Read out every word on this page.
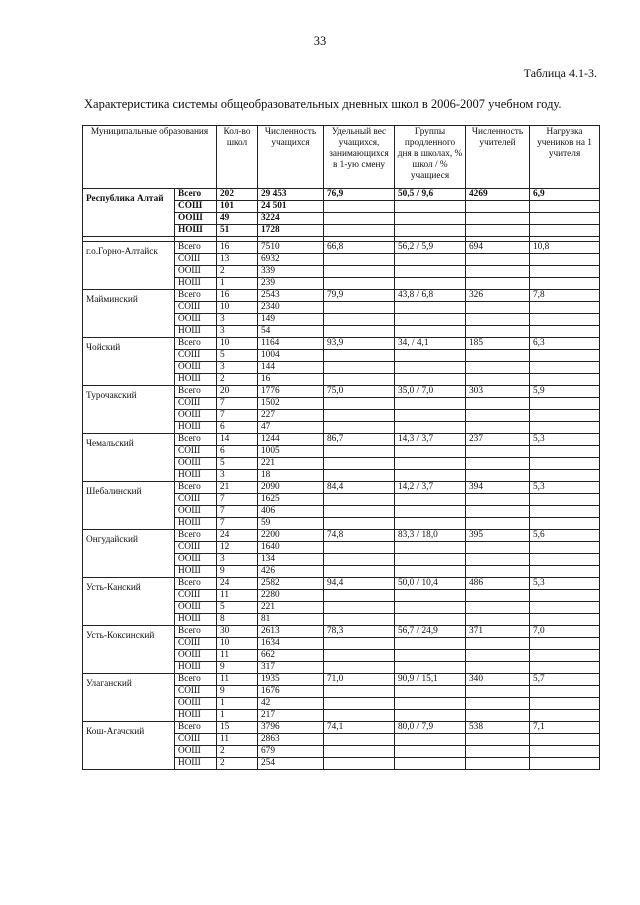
33
Таблица 4.1-3.
Характеристика системы общеобразовательных дневных школ в 2006-2007 учебном году.
Муниципальные образования		Кол-во школ	Численность учащихся	Удельный вес учащихся, занимающихся в 1-ую смену	Группы продленного дня в школах, % школ / % учащиеся	Численность учителей	Нагрузка учеников на 1 учителя
Республика Алтай	Всего	202	29 453	76,9	50,5 / 9,6	4269	6,9
	СОШ	101	24 501				
	ООШ	49	3224				
	НОШ	51	1728				

г.о.Горно-Алтайск	Всего	16	7510	66,8	56,2 / 5,9	694	10,8
	СОШ	13	6932				
	ООШ	2	339				
	НОШ	1	239				
Майминский	Всего	16	2543	79,9	43,8 / 6,8	326	7,8
	СОШ	10	2340				
	ООШ	3	149				
	НОШ	3	54				
Чойский	Всего	10	1164	93,9	34, / 4,1	185	6,3
	СОШ	5	1004				
	ООШ	3	144				
	НОШ	2	16				
Турочакский	Всего	20	1776	75,0	35,0 / 7,0	303	5,9
	СОШ	7	1502				
	ООШ	7	227				
	НОШ	6	47				
Чемальский	Всего	14	1244	86,7	14,3 / 3,7	237	5,3
	СОШ	6	1005				
	ООШ	5	221				
	НОШ	3	18				
Шебалинский	Всего	21	2090	84,4	14,2 / 3,7	394	5,3
	СОШ	7	1625				
	ООШ	7	406				
	НОШ	7	59				
Онгудайский	Всего	24	2200	74,8	83,3 / 18,0	395	5,6
	СОШ	12	1640				
	ООШ	3	134				
	НОШ	9	426				
Усть-Канский	Всего	24	2582	94,4	50,0 / 10,4	486	5,3
	СОШ	11	2280				
	ООШ	5	221				
	НОШ	8	81				
Усть-Коксинский	Всего	30	2613	78,3	56,7 / 24,9	371	7,0
	СОШ	10	1634				
	ООШ	11	662				
	НОШ	9	317				
Улаганский	Всего	11	1935	71,0	90,9 / 15,1	340	5,7
	СОШ	9	1676				
	ООШ	1	42				
	НОШ	1	217				
Кош-Агачский	Всего	15	3796	74,1	80,0 / 7,9	538	7,1
	СОШ	11	2863				
	ООШ	2	679				
	НОШ	2	254				
